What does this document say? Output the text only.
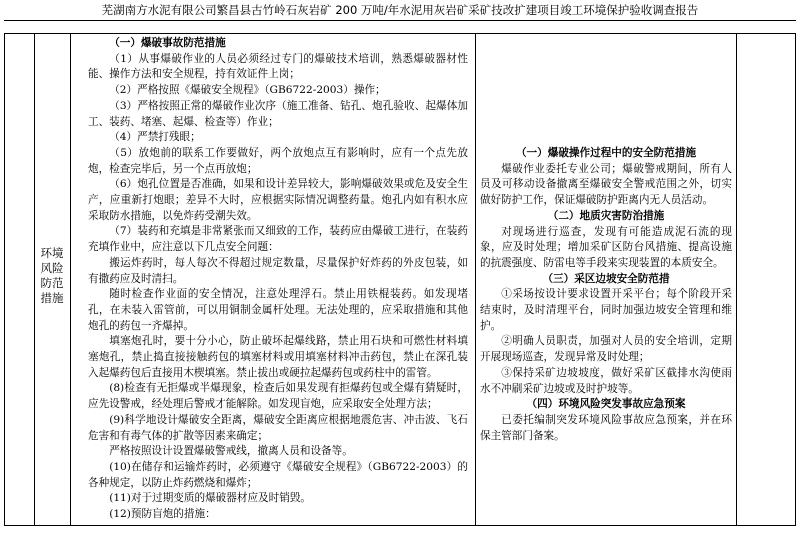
芜湖南方水泥有限公司繁昌县古竹岭石灰岩矿 200 万吨/年水泥用灰岩矿采矿技改扩建项目竣工环境保护验收调查报告
环境
风险
防范
措施

（一）爆破事故防范措施

（1）从事爆破作业的人员必须经过专门的爆破技术培训，熟悉爆破器材性能、操作方法和安全规程，持有效证件上岗；

（2）严格按照《爆破安全规程》（GB6722-2003）操作；

（3）严格按照正常的爆破作业次序（施工准备、钻孔、炮孔验收、起爆体加工、装药、堵塞、起爆、检查等）作业；

（4）严禁打残眼；

（5）放炮前的联系工作要做好，两个放炮点互有影响时，应有一个点先放炮，检查完毕后，另一个点再放炮；

（6）炮孔位置是否准确，如果和设计差异较大，影响爆破效果或危及安全生产，应重新打炮眼；差异不大时，应根据实际情况调整药量。炮孔内如有积水应采取防水措施，以免炸药受潮失效。

（7）装药和充填是非常紧张而又细致的工作，装药应由爆破工进行，在装药充填作业中，应注意以下几点安全问题：

搬运炸药时，每人每次不得超过规定数量，尽量保护好炸药的外皮包装，如有撒药应及时清扫。

随时检查作业面的安全情况，注意处理浮石。禁止用铁棍装药。如发现堵孔，在未装入雷管前，可以用铜制金属杆处理。无法处理的，应采取措施和其他炮孔的药包一齐爆掉。

填塞炮孔时，要十分小心，防止破坏起爆线路，禁止用石块和可燃性材料填塞炮孔，禁止捣直接接触药包的填塞材料或用填塞材料冲击药包，禁止在深孔装入起爆药包后直接用木楔填塞。禁止拔出或硬拉起爆药包或药柱中的雷管。

(8)检查有无拒爆或半爆现象，检查后如果发现有拒爆药包或全爆有猜疑时，应先设警戒，经处理后警戒才能解除。如发现盲炮，应采取安全处理方法；

(9)科学地设计爆破安全距离，爆破安全距离应根据地震危害、冲击波、飞石危害和有毒气体的扩散等因素来确定；

严格按照设计设置爆破警戒线，撤离人员和设备等。

(10)在储存和运输炸药时，必须遵守《爆破安全规程》（GB6722-2003）的各种规定，以防止炸药燃烧和爆炸；

(11)对于过期变质的爆破器材应及时销毁。

(12)预防盲炮的措施：

（一）爆破操作过程中的安全防范措施

爆破作业委托专业公司；爆破警戒期间，所有人员及可移动设备撤离至爆破安全警戒范围之外，切实做好防护工作，保证爆破防护距离内无人员活动。

（二）地质灾害防治措施

对现场进行巡查，发现有可能造成泥石流的现象，应及时处理；增加采矿区防台风措施、提高设施的抗震强度、防雷电等手段来实现装置的本质安全。

（三）采区边坡安全防范措

①采场按设计要求设置开采平台；每个阶段开采结束时，及时清理平台，同时加强边坡安全管理和维护。

②明确人员职责，加强对人员的安全培训，定期开展现场巡查，发现异常及时处理；

③保持采矿边坡坡度，做好采矿区截排水沟使雨水不冲刷采矿边坡或及时护坡等。

（四）环境风险突发事故应急预案

已委托编制突发环境风险事故应急预案，并在环保主管部门备案。
